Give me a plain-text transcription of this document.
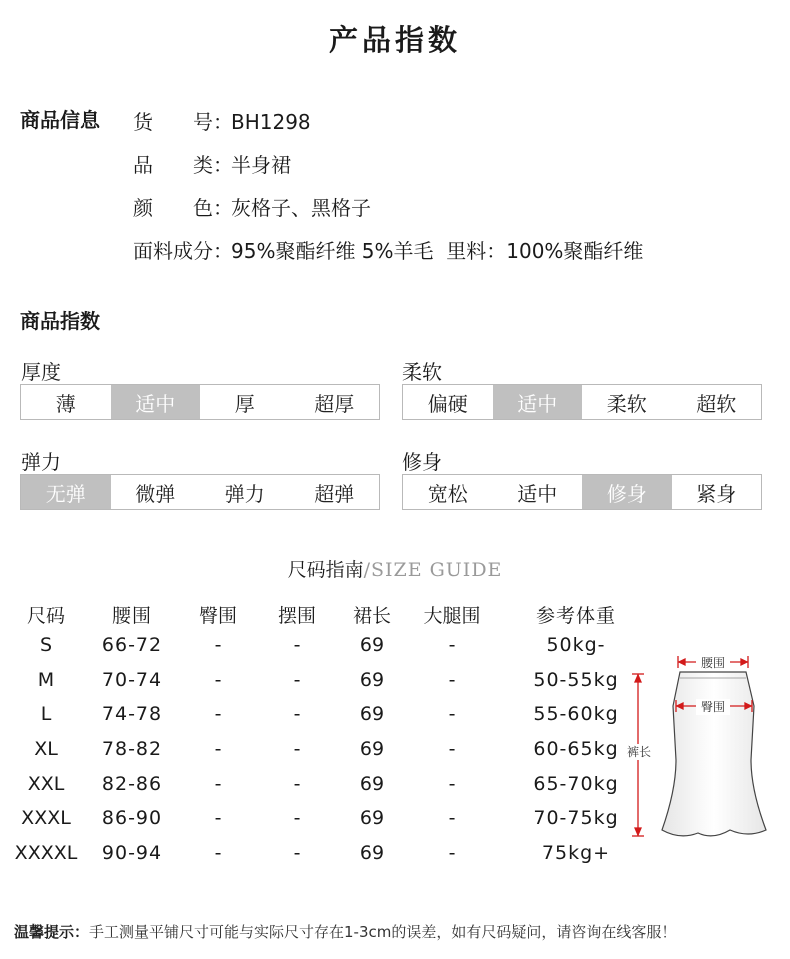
产品指数
商品信息 货　　号：BH1298
品　　类：半身裙
颜　　色：灰格子、黑格子
面料成分：95%聚酯纤维 5%羊毛  里料：100%聚酯纤维
商品指数
厚度
薄	适中	厚	超厚
柔软
偏硬	适中	柔软	超软
弹力
无弹	微弹	弹力	超弹
修身
宽松	适中	修身	紧身
尺码指南/SIZE GUIDE
尺码	腰围	臀围	摆围	裙长	大腿围	参考体重
S	66-72	-	-	69	-	50kg-
M	70-74	-	-	69	-	50-55kg
L	74-78	-	-	69	-	55-60kg
XL	78-82	-	-	69	-	60-65kg
XXL	82-86	-	-	69	-	65-70kg
XXXL	86-90	-	-	69	-	70-75kg
XXXXL	90-94	-	-	69	-	75kg+
腰围
臀围
裤长
温馨提示：手工测量平铺尺寸可能与实际尺寸存在1-3cm的误差，如有尺码疑问，请咨询在线客服！
